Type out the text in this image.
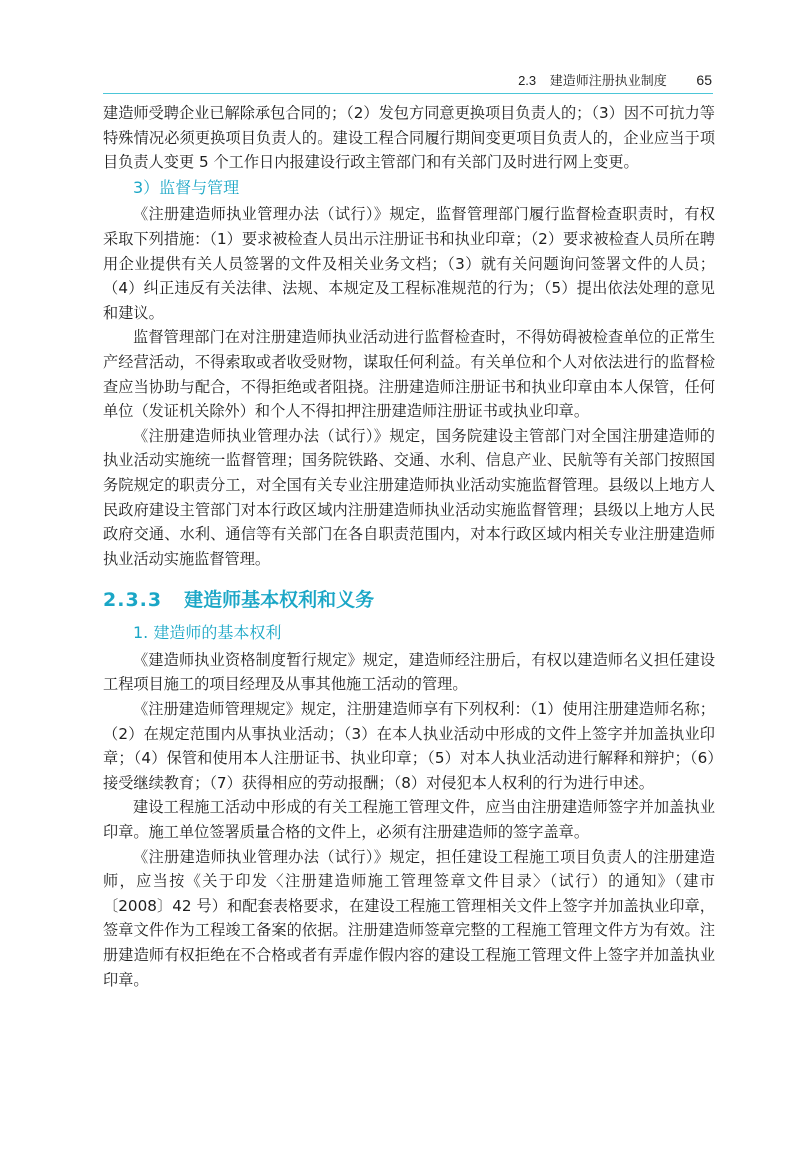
2.3 建造师注册执业制度 65

建造师受聘企业已解除承包合同的；（2）发包方同意更换项目负责人的；（3）因不可抗力等特殊情况必须更换项目负责人的。建设工程合同履行期间变更项目负责人的，企业应当于项目负责人变更 5 个工作日内报建设行政主管部门和有关部门及时进行网上变更。

3）监督与管理

《注册建造师执业管理办法（试行）》规定，监督管理部门履行监督检查职责时，有权采取下列措施：（1）要求被检查人员出示注册证书和执业印章；（2）要求被检查人员所在聘用企业提供有关人员签署的文件及相关业务文档；（3）就有关问题询问签署文件的人员；（4）纠正违反有关法律、法规、本规定及工程标准规范的行为；（5）提出依法处理的意见和建议。

监督管理部门在对注册建造师执业活动进行监督检查时，不得妨碍被检查单位的正常生产经营活动，不得索取或者收受财物，谋取任何利益。有关单位和个人对依法进行的监督检查应当协助与配合，不得拒绝或者阻挠。注册建造师注册证书和执业印章由本人保管，任何单位（发证机关除外）和个人不得扣押注册建造师注册证书或执业印章。

《注册建造师执业管理办法（试行）》规定，国务院建设主管部门对全国注册建造师的执业活动实施统一监督管理；国务院铁路、交通、水利、信息产业、民航等有关部门按照国务院规定的职责分工，对全国有关专业注册建造师执业活动实施监督管理。县级以上地方人民政府建设主管部门对本行政区域内注册建造师执业活动实施监督管理；县级以上地方人民政府交通、水利、通信等有关部门在各自职责范围内，对本行政区域内相关专业注册建造师执业活动实施监督管理。

2.3.3 建造师基本权利和义务
1. 建造师的基本权利

《建造师执业资格制度暂行规定》规定，建造师经注册后，有权以建造师名义担任建设工程项目施工的项目经理及从事其他施工活动的管理。

《注册建造师管理规定》规定，注册建造师享有下列权利：（1）使用注册建造师名称；（2）在规定范围内从事执业活动；（3）在本人执业活动中形成的文件上签字并加盖执业印章；（4）保管和使用本人注册证书、执业印章；（5）对本人执业活动进行解释和辩护；（6）接受继续教育；（7）获得相应的劳动报酬；（8）对侵犯本人权利的行为进行申述。

建设工程施工活动中形成的有关工程施工管理文件，应当由注册建造师签字并加盖执业印章。施工单位签署质量合格的文件上，必须有注册建造师的签字盖章。

《注册建造师执业管理办法（试行）》规定，担任建设工程施工项目负责人的注册建造师，应当按《关于印发〈注册建造师施工管理签章文件目录〉（试行）的通知》（建市〔2008〕42 号）和配套表格要求，在建设工程施工管理相关文件上签字并加盖执业印章，签章文件作为工程竣工备案的依据。注册建造师签章完整的工程施工管理文件方为有效。注册建造师有权拒绝在不合格或者有弄虚作假内容的建设工程施工管理文件上签字并加盖执业印章。
